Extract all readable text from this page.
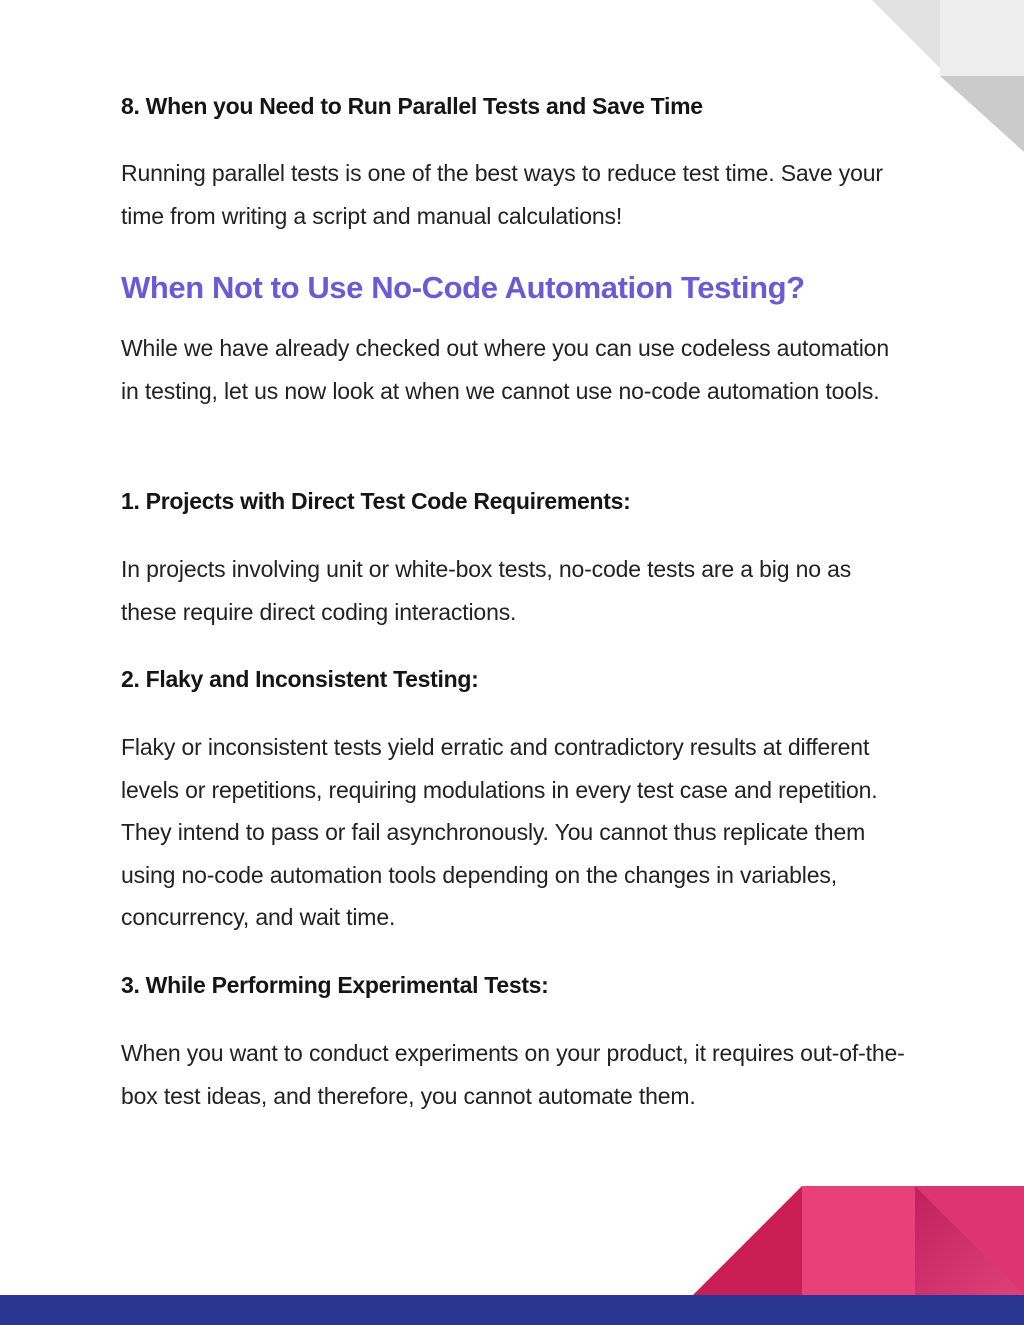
8. When you Need to Run Parallel Tests and Save Time

Running parallel tests is one of the best ways to reduce test time. Save your time from writing a script and manual calculations!

When Not to Use No-Code Automation Testing?

While we have already checked out where you can use codeless automation in testing, let us now look at when we cannot use no-code automation tools.

1. Projects with Direct Test Code Requirements:

In projects involving unit or white-box tests, no-code tests are a big no as these require direct coding interactions.

2. Flaky and Inconsistent Testing:

Flaky or inconsistent tests yield erratic and contradictory results at different levels or repetitions, requiring modulations in every test case and repetition. They intend to pass or fail asynchronously. You cannot thus replicate them using no-code automation tools depending on the changes in variables, concurrency, and wait time.

3. While Performing Experimental Tests:

When you want to conduct experiments on your product, it requires out-of-the-box test ideas, and therefore, you cannot automate them.
